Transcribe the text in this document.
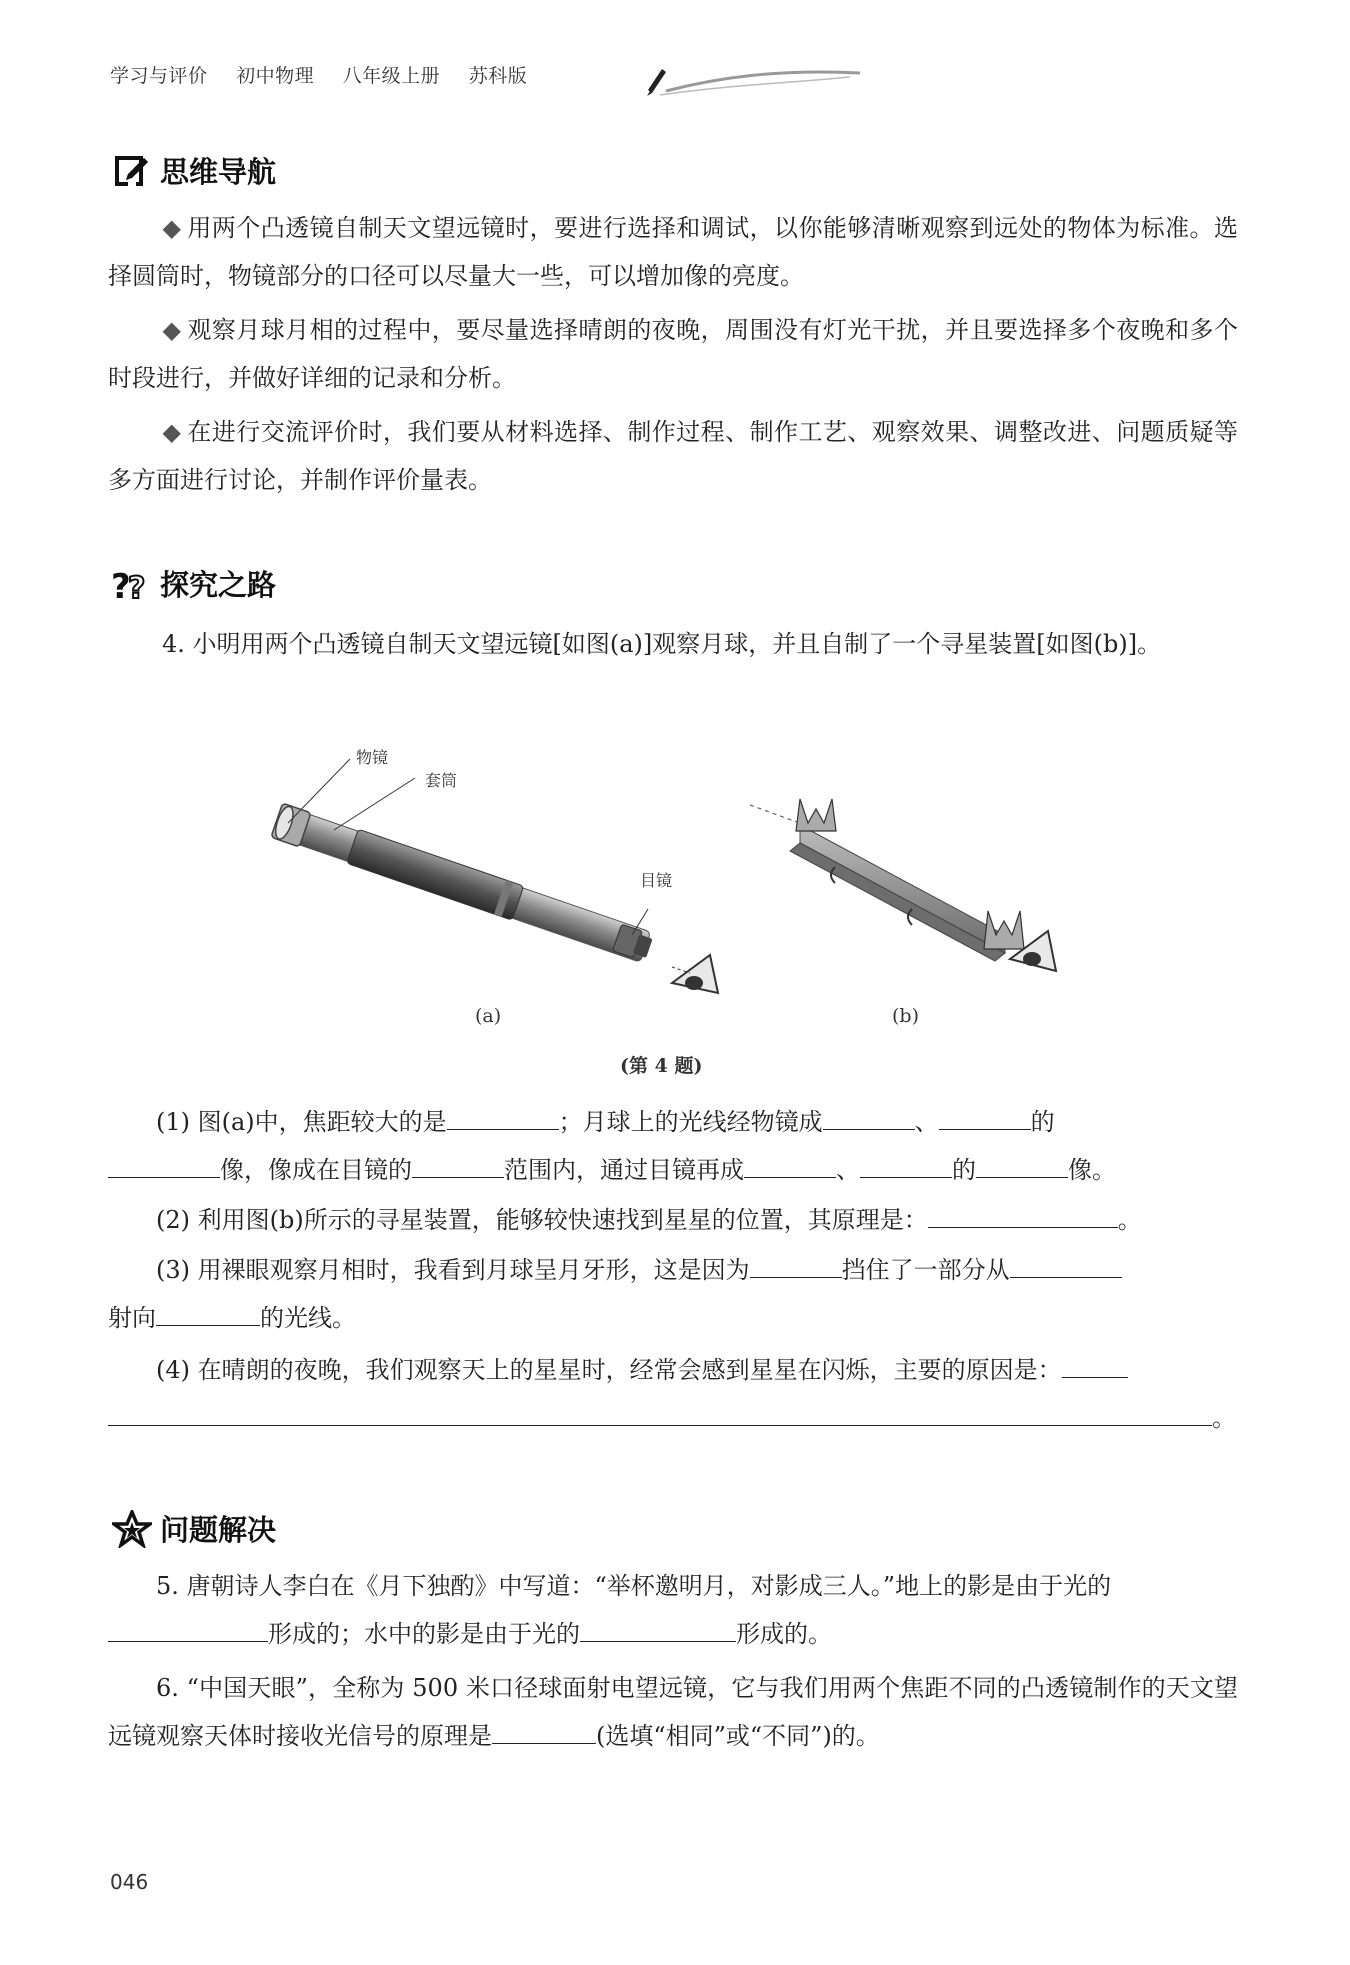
学习与评价 初中物理 八年级上册 苏科版
思维导航
◆ 用两个凸透镜自制天文望远镜时，要进行选择和调试，以你能够清晰观察到远处的物体为标准。选择圆筒时，物镜部分的口径可以尽量大一些，可以增加像的亮度。
◆ 观察月球月相的过程中，要尽量选择晴朗的夜晚，周围没有灯光干扰，并且要选择多个夜晚和多个时段进行，并做好详细的记录和分析。
◆ 在进行交流评价时，我们要从材料选择、制作过程、制作工艺、观察效果、调整改进、问题质疑等多方面进行讨论，并制作评价量表。
?
? 探究之路
4. 小明用两个凸透镜自制天文望远镜[如图(a)]观察月球，并且自制了一个寻星装置[如图(b)]。
物镜
套筒
目镜
(a)	(b)
(第 4 题)
(1) 图(a)中，焦距较大的是	；月球上的光线经物镜成	、	的
像，像成在目镜的	范围内，通过目镜再成	、	的	像。
(2) 利用图(b)所示的寻星装置，能够较快速找到星星的位置，其原理是：	。
(3) 用裸眼观察月相时，我看到月球呈月牙形，这是因为	挡住了一部分从
射向	的光线。
(4) 在晴朗的夜晚，我们观察天上的星星时，经常会感到星星在闪烁，主要的原因是：
。
问题解决
5. 唐朝诗人李白在《月下独酌》中写道：“举杯邀明月，对影成三人。”地上的影是由于光的
形成的；水中的影是由于光的	形成的。
6. “中国天眼”，全称为 500 米口径球面射电望远镜，它与我们用两个焦距不同的凸透镜制作的天文望远镜观察天体时接收光信号的原理是	(选填“相同”或“不同”)的。
046
